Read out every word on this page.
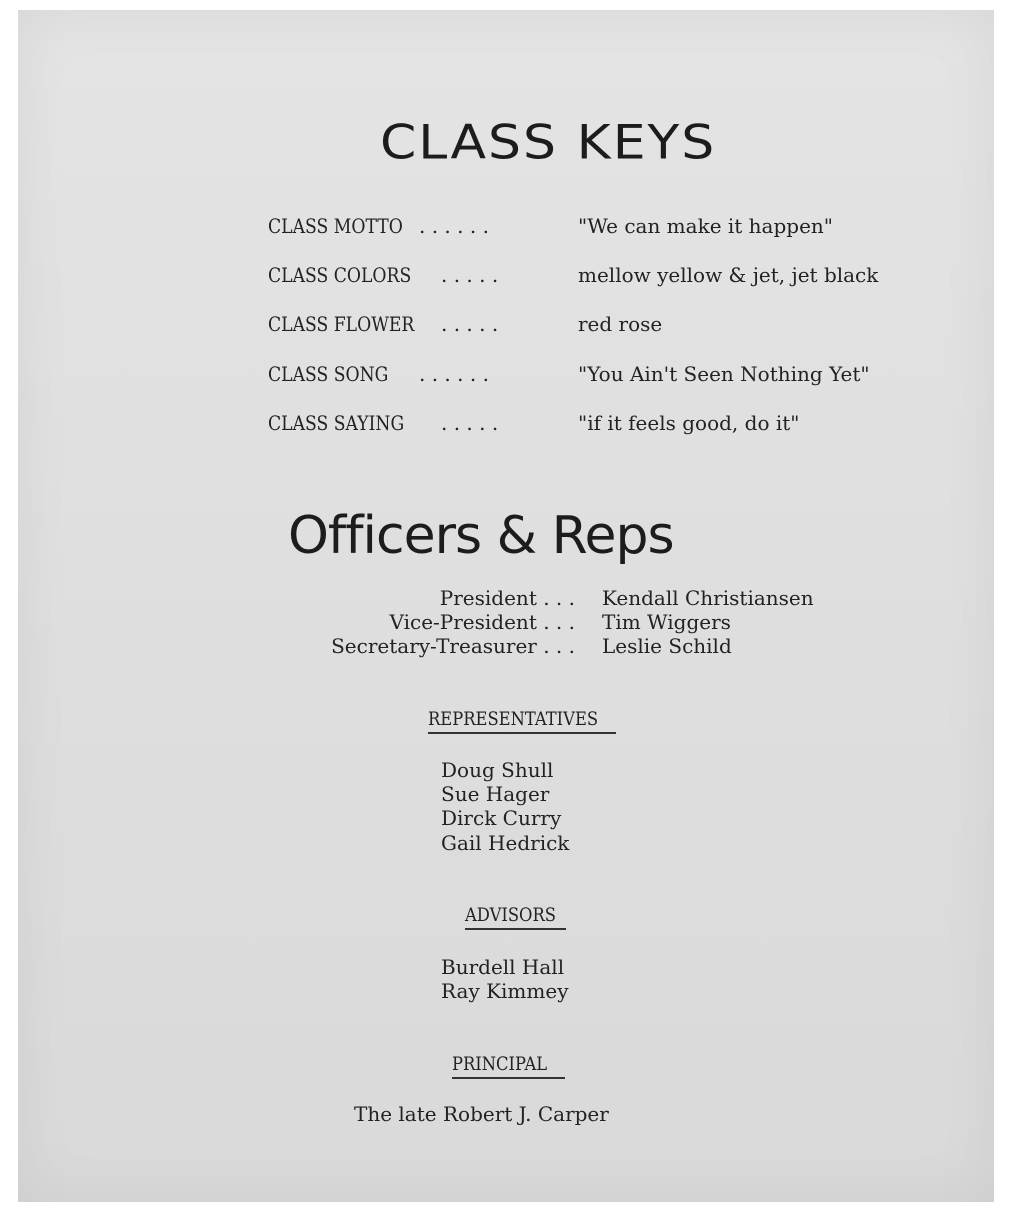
CLASS KEYS
CLASS MOTTO . . . . . .	"We can make it happen"
CLASS COLORS . . . . .	mellow yellow & jet, jet black
CLASS FLOWER . . . . .	red rose
CLASS SONG . . . . . .	"You Ain't Seen Nothing Yet"
CLASS SAYING . . . . .	"if it feels good, do it"
Officers & Reps
President . . . Kendall Christiansen
Vice-President . . . Tim Wiggers
Secretary-Treasurer . . . Leslie Schild
REPRESENTATIVES
Doug Shull
Sue Hager
Dirck Curry
Gail Hedrick
ADVISORS
Burdell Hall
Ray Kimmey
PRINCIPAL
The late Robert J. Carper
